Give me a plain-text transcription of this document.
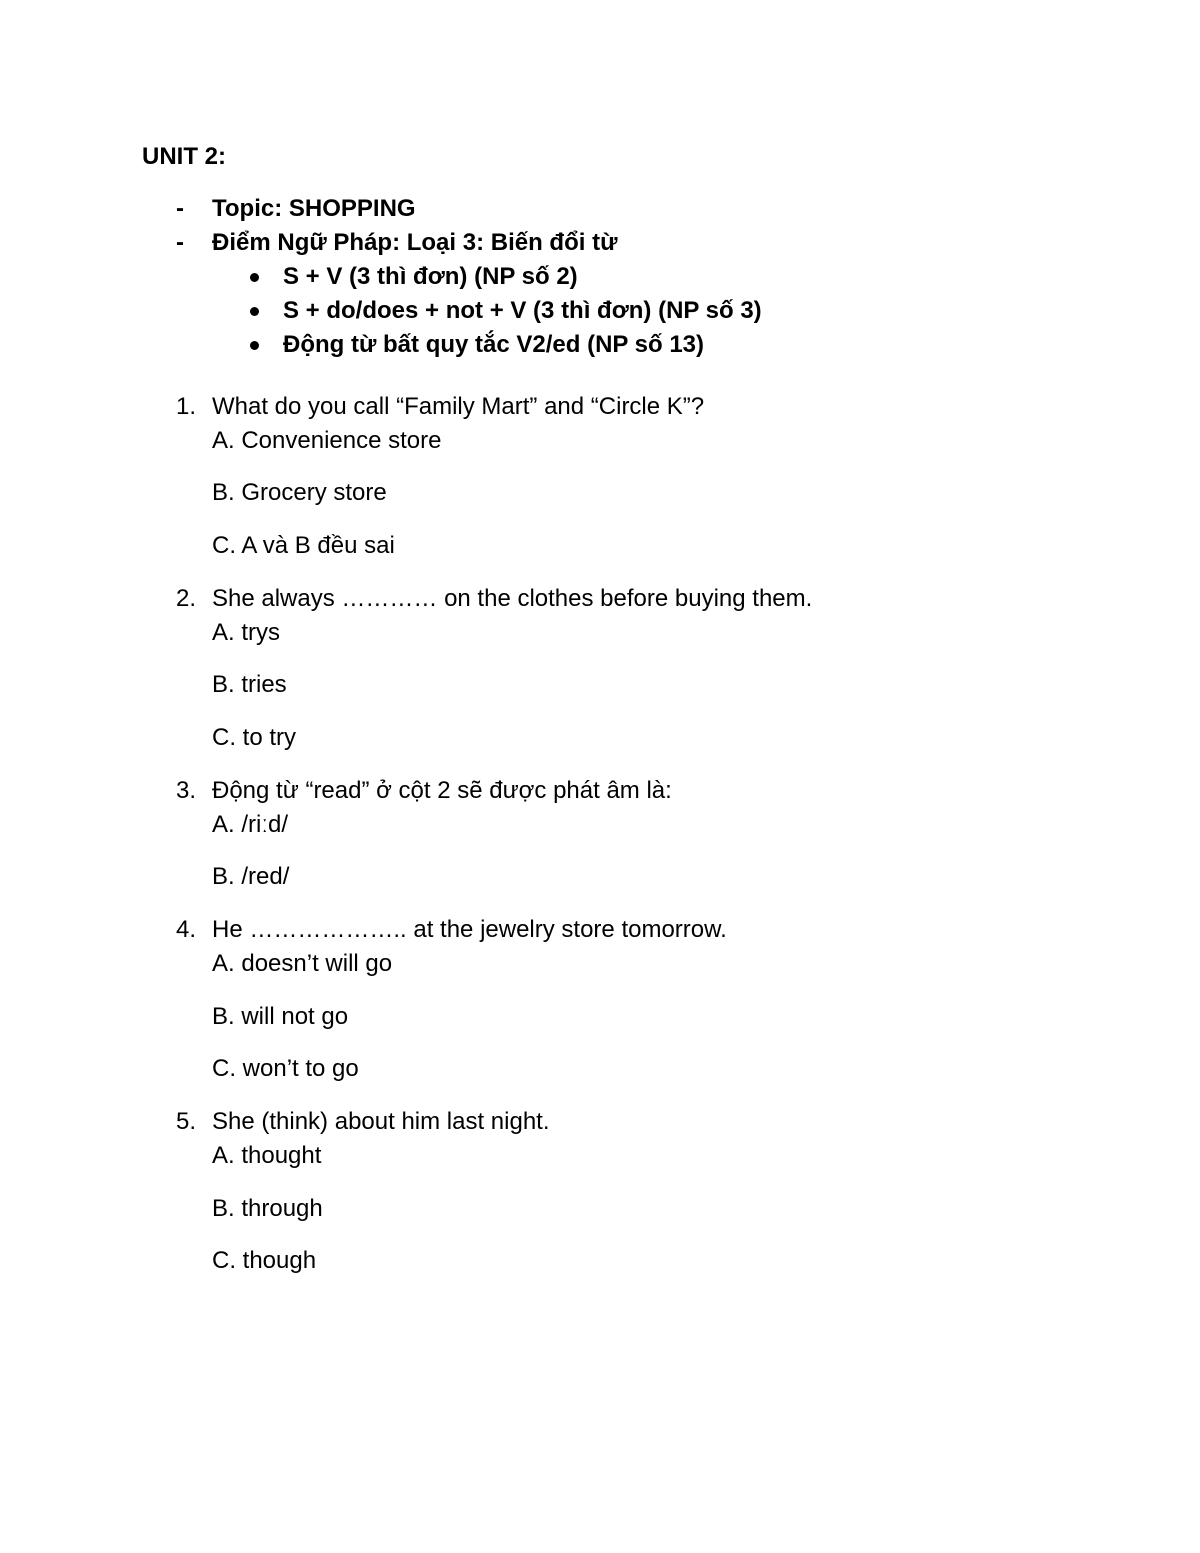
UNIT 2:
-	Topic: SHOPPING
-	Điểm Ngữ Pháp: Loại 3: Biến đổi từ
S + V (3 thì đơn) (NP số 2)
S + do/does + not + V (3 thì đơn) (NP số 3)
Động từ bất quy tắc V2/ed (NP số 13)
1. What do you call “Family Mart” and “Circle K”?
A. Convenience store
B. Grocery store
C. A và B đều sai
2. She always ………… on the clothes before buying them.
A. trys
B. tries
C. to try
3. Động từ “read” ở cột 2 sẽ được phát âm là:
A. /riːd/
B. /red/
4. He ……………….. at the jewelry store tomorrow.
A. doesn’t will go
B. will not go
C. won’t to go
5. She (think) about him last night.
A. thought
B. through
C. though
